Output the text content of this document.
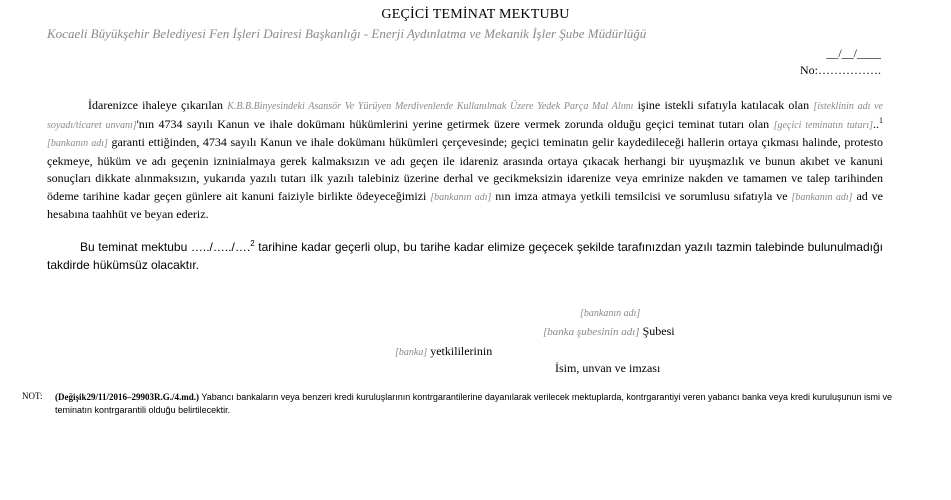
GEÇİCİ TEMİNAT MEKTUBU
Kocaeli Büyükşehir Belediyesi Fen İşleri Dairesi Başkanlığı - Enerji Aydınlatma ve Mekanik İşler Şube Müdürlüğü
__/__/____
No:…………….
İdarenizce ihaleye çıkarılan K.B.B.Binyesindeki Asansör Ve Yürüyen Merdivenlerde Kullanılmak Üzere Yedek Parça Mal Alımı işine istekli sıfatıyla katılacak olan [isteklinin adı ve soyadı/ticaret unvanı]'nın 4734 sayılı Kanun ve ihale dokümanı hükümlerini yerine getirmek üzere vermek zorunda olduğu geçici teminat tutarı olan [geçici teminatın tutarı]..$^1$ [bankanın adı] garanti ettiğinden, 4734 sayılı Kanun ve ihale dokümanı hükümleri çerçevesinde; geçici teminatın gelir kaydedileceği hallerin ortaya çıkması halinde, protesto çekmeye, hüküm ve adı geçenin izninialmaya gerek kalmaksızın ve adı geçen ile idareniz arasında ortaya çıkacak herhangi bir uyuşmazlık ve bunun akıbet ve kanuni sonuçları dikkate alınmaksızın, yukarıda yazılı tutarı ilk yazılı talebiniz üzerine derhal ve gecikmeksizin idarenize veya emrinize nakden ve tamamen ve talep tarihinden ödeme tarihine kadar geçen günlere ait kanuni faiziyle birlikte ödeyeceğimizi [bankanın adı] nın imza atmaya yetkili temsilcisi ve sorumlusu sıfatıyla ve [bankanın adı] ad ve hesabına taahhüt ve beyan ederiz.
Bu teminat mektubu …../…../….$^2$ tarihine kadar geçerli olup, bu tarihe kadar elimize geçecek şekilde tarafınızdan yazılı tazmin talebinde bulunulmadığı takdirde hükümsüz olacaktır.
[bankanın adı]
[banka şubesinin adı] Şubesi
[banka] yetkililerinin
İsim, unvan ve imzası
NOT: (Değişik29/11/2016–29903R.G./4.md.) Yabancı bankaların veya benzeri kredi kuruluşlarının kontrgarantilerine dayanılarak verilecek mektuplarda, kontrgarantiyi veren yabancı banka veya kredi kuruluşunun ismi ve teminatın kontrgarantili olduğu belirtilecektir.
